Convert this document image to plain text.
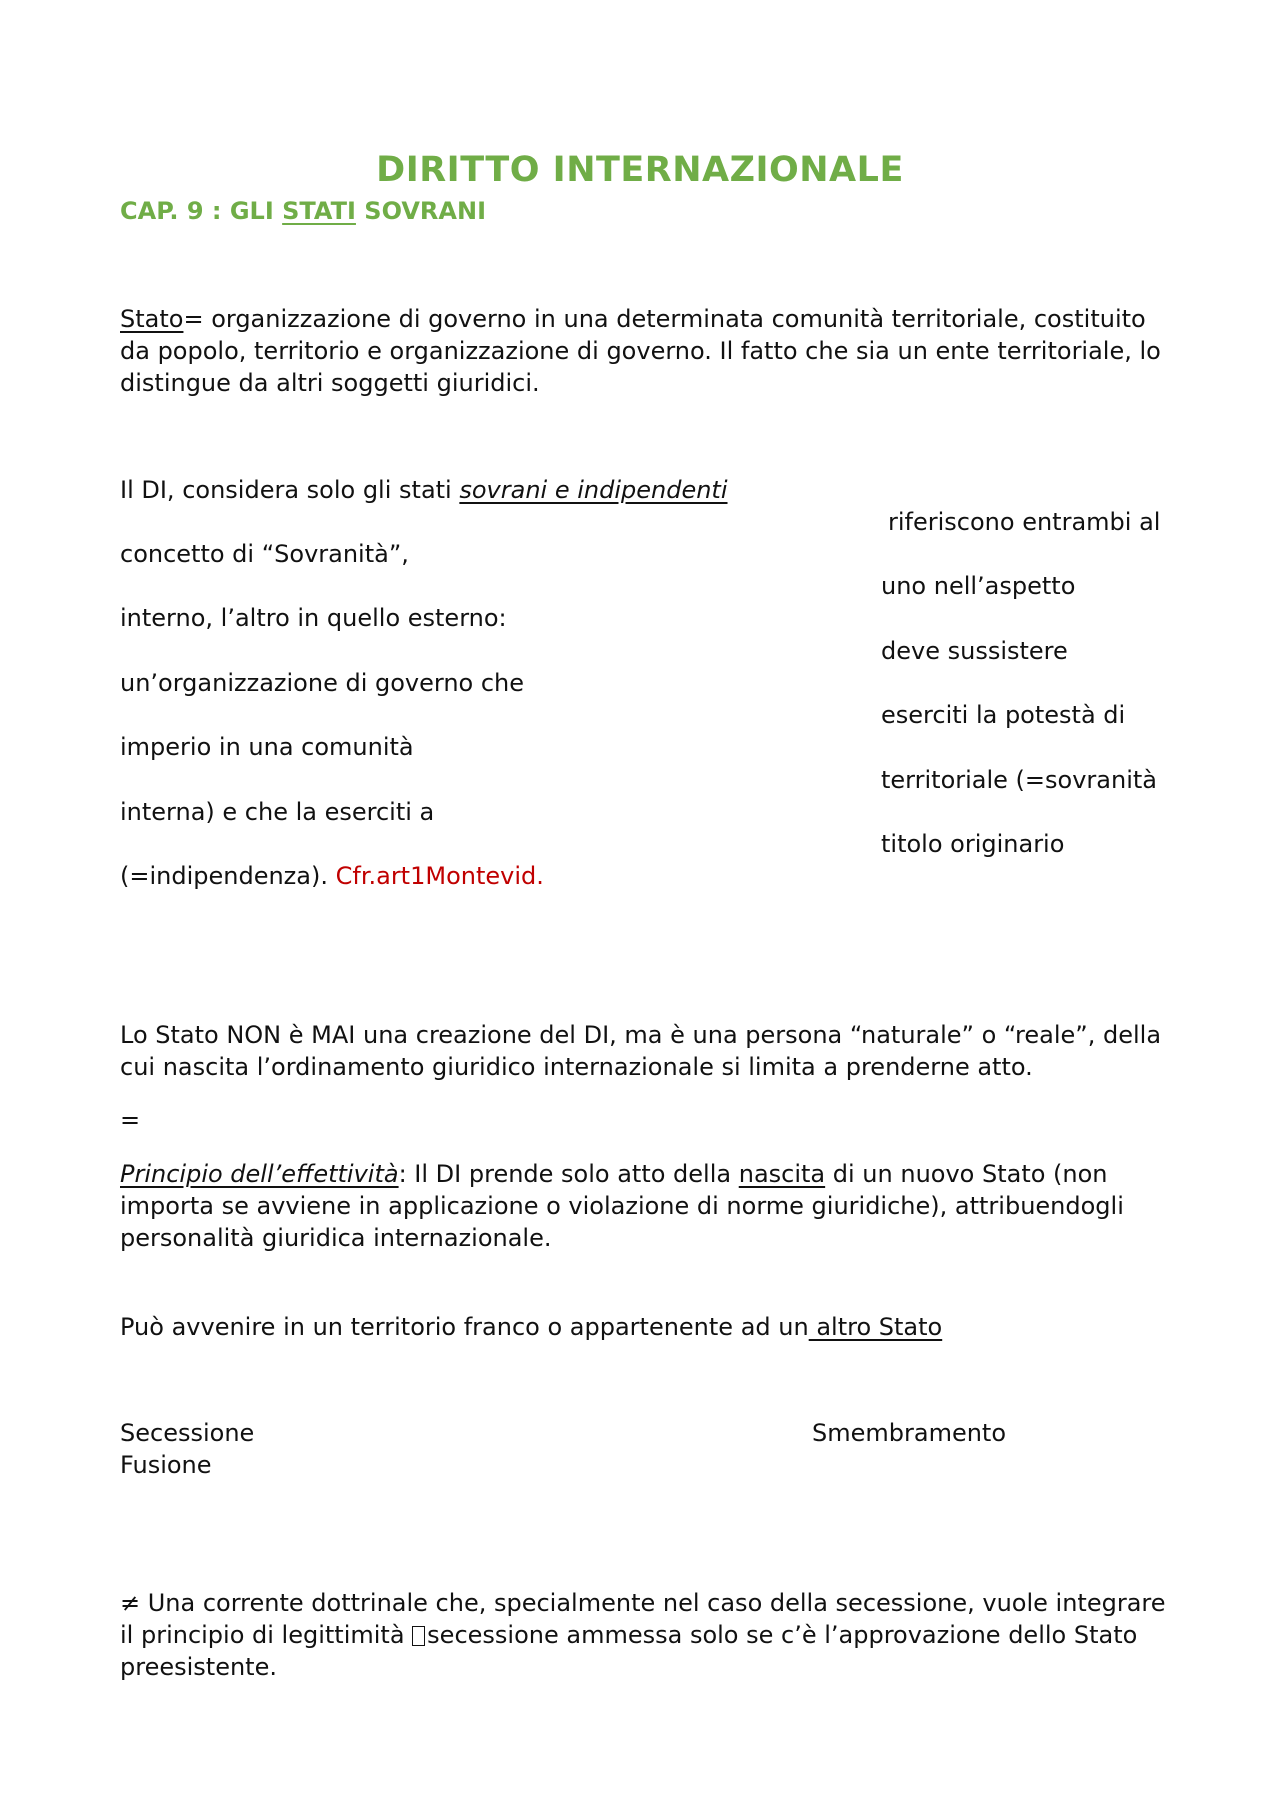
DIRITTO INTERNAZIONALE
CAP. 9 : GLI STATI SOVRANI
Stato= organizzazione di governo in una determinata comunità territoriale, costituito
da popolo, territorio e organizzazione di governo. Il fatto che sia un ente territoriale, lo
distingue da altri soggetti giuridici.
Il DI, considera solo gli stati sovrani e indipendenti
concetto di “Sovranità”,
interno, l’altro in quello esterno:
un’organizzazione di governo che
imperio in una comunità
interna) e che la eserciti a
(=indipendenza). Cfr.art1Montevid.
riferiscono entrambi al
uno nell’aspetto
deve sussistere
eserciti la potestà di
territoriale (=sovranità
titolo originario
Lo Stato NON è MAI una creazione del DI, ma è una persona “naturale” o “reale”, della
cui nascita l’ordinamento giuridico internazionale si limita a prenderne atto.
=
Principio dell’effettività: Il DI prende solo atto della nascita di un nuovo Stato (non
importa se avviene in applicazione o violazione di norme giuridiche), attribuendogli
personalità giuridica internazionale.
Può avvenire in un territorio franco o appartenente ad un altro Stato
Secessione	Smembramento
Fusione
≠ Una corrente dottrinale che, specialmente nel caso della secessione, vuole integrare
il principio di legittimità secessione ammessa solo se c’è l’approvazione dello Stato
preesistente.
